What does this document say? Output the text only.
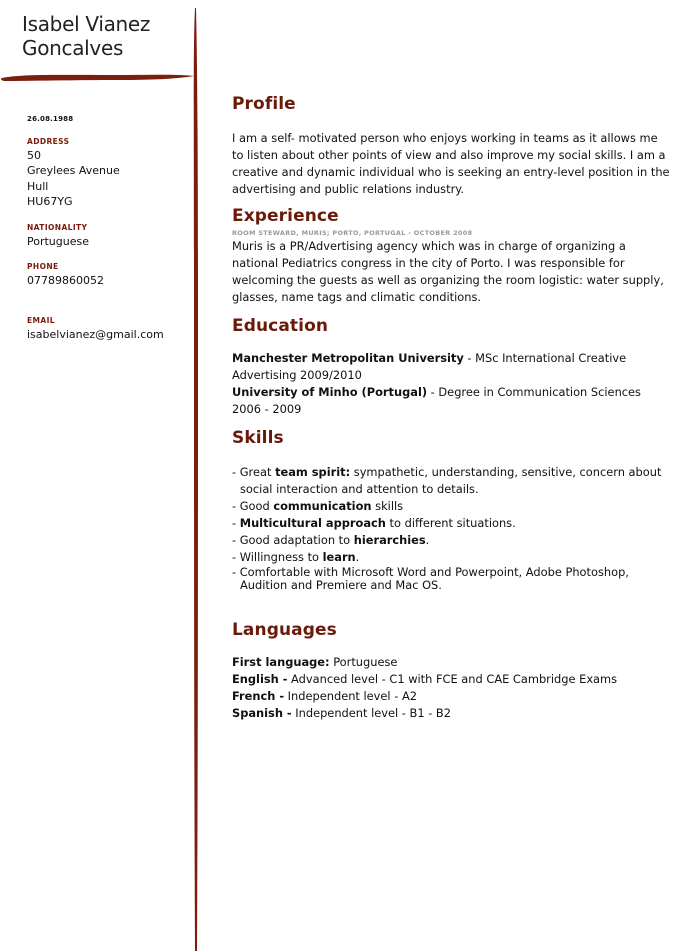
Isabel Vianez
Goncalves
26.08.1988
ADDRESS
50
Greylees Avenue
Hull
HU67YG
NATIONALITY
Portuguese
PHONE
07789860052
EMAIL
isabelvianez@gmail.com
Profile

I am a self- motivated person who enjoys working in teams as it allows me to listen about other points of view and also improve my social skills. I am a creative and dynamic individual who is seeking an entry-level position in the advertising and public relations industry.

Experience

ROOM STEWARD, MURIS; PORTO, PORTUGAL - OCTOBER 2008

Muris is a PR/Advertising agency which was in charge of organizing a national Pediatrics congress in the city of Porto. I was responsible for welcoming the guests as well as organizing the room logistic: water supply, glasses, name tags and climatic conditions.

Education

Manchester Metropolitan University - MSc International Creative Advertising 2009/2010

University of Minho (Portugal) - Degree in Communication Sciences 2006 - 2009

Skills

- Great team spirit: sympathetic, understanding, sensitive, concern about social interaction and attention to details.

- Good communication skills

- Multicultural approach to different situations.

- Good adaptation to hierarchies.

- Willingness to learn.

- Comfortable with Microsoft Word and Powerpoint, Adobe Photoshop, Audition and Premiere and Mac OS.

Languages

First language: Portuguese

English - Advanced level - C1 with FCE and CAE Cambridge Exams

French - Independent level - A2

Spanish - Independent level - B1 - B2
